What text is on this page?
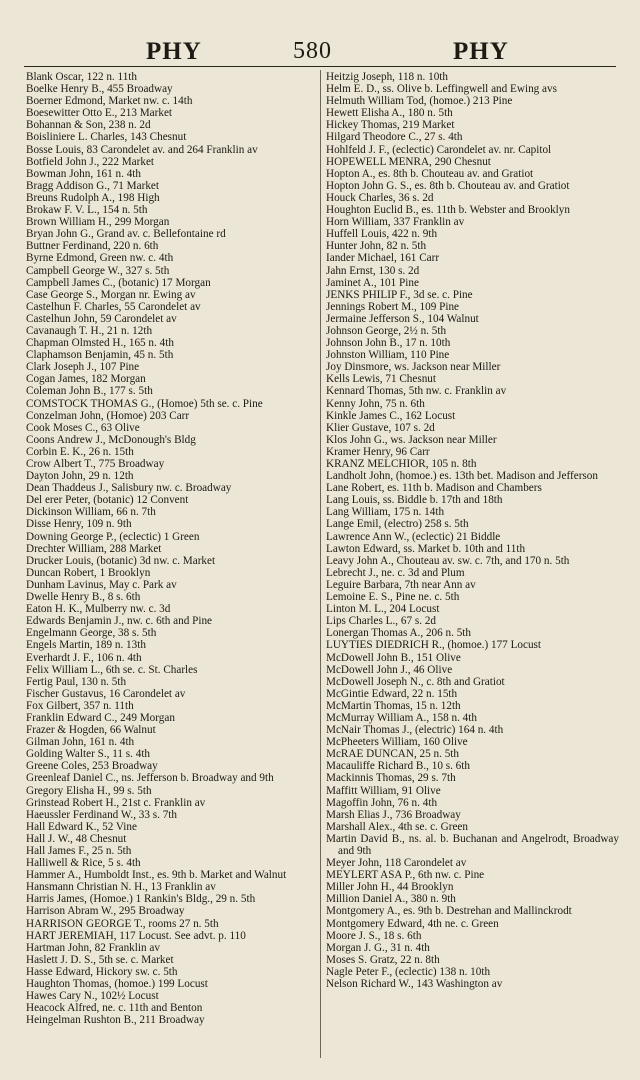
PHY	580	PHY
Blank Oscar, 122 n. 11th
Boelke Henry B., 455 Broadway
Boerner Edmond, Market nw. c. 14th
Boesewitter Otto E., 213 Market
Bohannan & Son, 238 n. 2d
Boisliniere L. Charles, 143 Chesnut
Bosse Louis, 83 Carondelet av. and 264 Franklin av
Botfield John J., 222 Market
Bowman John, 161 n. 4th
Bragg Addison G., 71 Market
Breuns Rudolph A., 198 High
Brokaw F. V. L., 154 n. 5th
Brown William H., 299 Morgan
Bryan John G., Grand av. c. Bellefontaine rd
Buttner Ferdinand, 220 n. 6th
Byrne Edmond, Green nw. c. 4th
Campbell George W., 327 s. 5th
Campbell James C., (botanic) 17 Morgan
Case George S., Morgan nr. Ewing av
Castelhun F. Charles, 55 Carondelet av
Castelhun John, 59 Carondelet av
Cavanaugh T. H., 21 n. 12th
Chapman Olmsted H., 165 n. 4th
Claphamson Benjamin, 45 n. 5th
Clark Joseph J., 107 Pine
Cogan James, 182 Morgan
Coleman John B., 177 s. 5th
COMSTOCK THOMAS G., (Homoe) 5th se. c. Pine
Conzelman John, (Homoe) 203 Carr
Cook Moses C., 63 Olive
Coons Andrew J., McDonough's Bldg
Corbin E. K., 26 n. 15th
Crow Albert T., 775 Broadway
Dayton John, 29 n. 12th
Dean Thaddeus J., Salisbury nw. c. Broadway
Del erer Peter, (botanic) 12 Convent
Dickinson William, 66 n. 7th
Disse Henry, 109 n. 9th
Downing George P., (eclectic) 1 Green
Drechter William, 288 Market
Drucker Louis, (botanic) 3d nw. c. Market
Duncan Robert, 1 Brooklyn
Dunham Lavinus, May c. Park av
Dwelle Henry B., 8 s. 6th
Eaton H. K., Mulberry nw. c. 3d
Edwards Benjamin J., nw. c. 6th and Pine
Engelmann George, 38 s. 5th
Engels Martin, 189 n. 13th
Everhardt J. F., 106 n. 4th
Felix William L., 6th se. c. St. Charles
Fertig Paul, 130 n. 5th
Fischer Gustavus, 16 Carondelet av
Fox Gilbert, 357 n. 11th
Franklin Edward C., 249 Morgan
Frazer & Hogden, 66 Walnut
Gilman John, 161 n. 4th
Golding Walter S., 11 s. 4th
Greene Coles, 253 Broadway
Greenleaf Daniel C., ns. Jefferson b. Broadway and 9th
Gregory Elisha H., 99 s. 5th
Grinstead Robert H., 21st c. Franklin av
Haeussler Ferdinand W., 33 s. 7th
Hall Edward K., 52 Vine
Hall J. W., 48 Chesnut
Hall James F., 25 n. 5th
Halliwell & Rice, 5 s. 4th
Hammer A., Humboldt Inst., es. 9th b. Market and Walnut
Hansmann Christian N. H., 13 Franklin av
Harris James, (Homoe.) 1 Rankin's Bldg., 29 n. 5th
Harrison Abram W., 295 Broadway
HARRISON GEORGE T., rooms 27 n. 5th
HART JEREMIAH, 117 Locust. See advt. p. 110
Hartman John, 82 Franklin av
Haslett J. D. S., 5th se. c. Market
Hasse Edward, Hickory sw. c. 5th
Haughton Thomas, (homoe.) 199 Locust
Hawes Cary N., 102½ Locust
Heacock Alfred, ne. c. 11th and Benton
Heingelman Rushton B., 211 Broadway
Heitzig Joseph, 118 n. 10th
Helm E. D., ss. Olive b. Leffingwell and Ewing avs
Helmuth William Tod, (homoe.) 213 Pine
Hewett Elisha A., 180 n. 5th
Hickey Thomas, 219 Market
Hilgard Theodore C., 27 s. 4th
Hohlfeld J. F., (eclectic) Carondelet av. nr. Capitol
HOPEWELL MENRA, 290 Chesnut
Hopton A., es. 8th b. Chouteau av. and Gratiot
Hopton John G. S., es. 8th b. Chouteau av. and Gratiot
Houck Charles, 36 s. 2d
Houghton Euclid B., es. 11th b. Webster and Brooklyn
Horn William, 337 Franklin av
Huffell Louis, 422 n. 9th
Hunter John, 82 n. 5th
Iander Michael, 161 Carr
Jahn Ernst, 130 s. 2d
Jaminet A., 101 Pine
JENKS PHILIP F., 3d se. c. Pine
Jennings Robert M., 109 Pine
Jermaine Jefferson S., 104 Walnut
Johnson George, 2½ n. 5th
Johnson John B., 17 n. 10th
Johnston William, 110 Pine
Joy Dinsmore, ws. Jackson near Miller
Kells Lewis, 71 Chesnut
Kennard Thomas, 5th nw. c. Franklin av
Kenny John, 75 n. 6th
Kinkle James C., 162 Locust
Klier Gustave, 107 s. 2d
Klos John G., ws. Jackson near Miller
Kramer Henry, 96 Carr
KRANZ MELCHIOR, 105 n. 8th
Landholt John, (homoe.) es. 13th bet. Madison and Jefferson
Lane Robert, es. 11th b. Madison and Chambers
Lang Louis, ss. Biddle b. 17th and 18th
Lang William, 175 n. 14th
Lange Emil, (electro) 258 s. 5th
Lawrence Ann W., (eclectic) 21 Biddle
Lawton Edward, ss. Market b. 10th and 11th
Leavy John A., Chouteau av. sw. c. 7th, and 170 n. 5th
Lebrecht J., ne. c. 3d and Plum
Leguire Barbara, 7th near Ann av
Lemoine E. S., Pine ne. c. 5th
Linton M. L., 204 Locust
Lips Charles L., 67 s. 2d
Lonergan Thomas A., 206 n. 5th
LUYTIES DIEDRICH R., (homoe.) 177 Locust
McDowell John B., 151 Olive
McDowell John J., 46 Olive
McDowell Joseph N., c. 8th and Gratiot
McGintie Edward, 22 n. 15th
McMartin Thomas, 15 n. 12th
McMurray William A., 158 n. 4th
McNair Thomas J., (electric) 164 n. 4th
McPheeters William, 160 Olive
McRAE DUNCAN, 25 n. 5th
Macauliffe Richard B., 10 s. 6th
Mackinnis Thomas, 29 s. 7th
Maffitt William, 91 Olive
Magoffin John, 76 n. 4th
Marsh Elias J., 736 Broadway
Marshall Alex., 4th se. c. Green
Martin David B., ns. al. b. Buchanan and Angelrodt, Broadway and 9th
Meyer John, 118 Carondelet av
MEYLERT ASA P., 6th nw. c. Pine
Miller John H., 44 Brooklyn
Million Daniel A., 380 n. 9th
Montgomery A., es. 9th b. Destrehan and Mallinckrodt
Montgomery Edward, 4th ne. c. Green
Moore J. S., 18 s. 6th
Morgan J. G., 31 n. 4th
Moses S. Gratz, 22 n. 8th
Nagle Peter F., (eclectic) 138 n. 10th
Nelson Richard W., 143 Washington av
